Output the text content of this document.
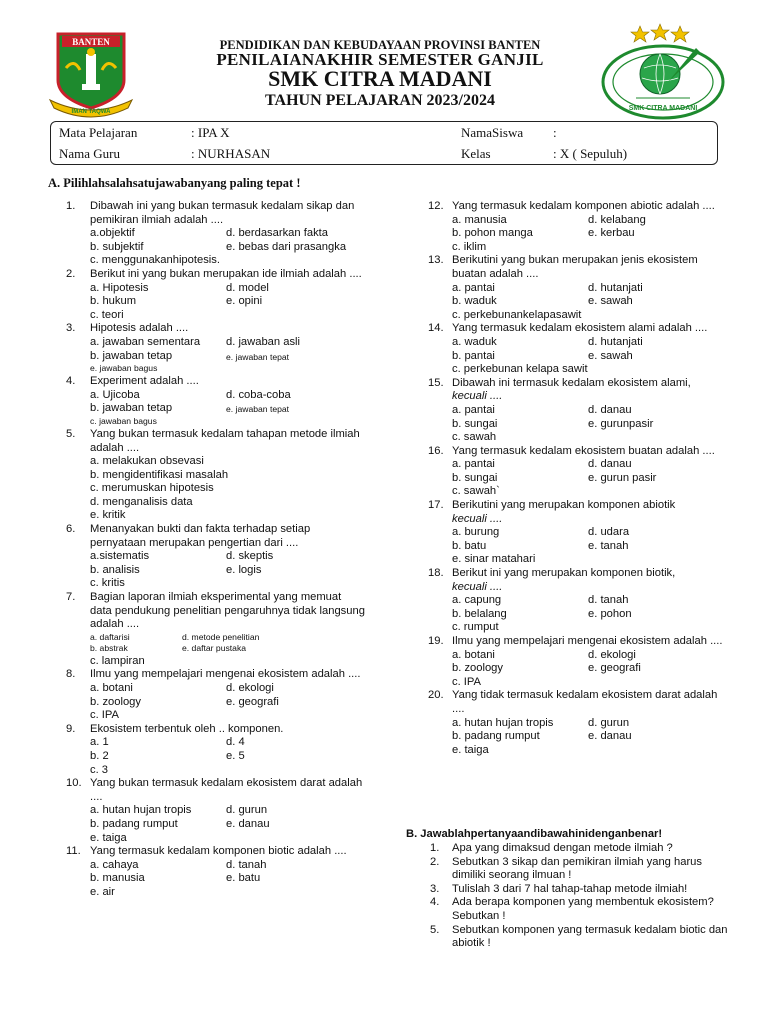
BANTEN
IMAN TAQWA
PENDIDIKAN DAN KEBUDAYAAN PROVINSI BANTEN
PENILAIANAKHIR SEMESTER GANJIL
SMK CITRA MADANI
TAHUN PELAJARAN 2023/2024	SMK CITRA MADANI
Mata Pelajaran	: IPA X
Nama Guru	: NURHASAN
NamaSiswa :
Kelas	: X ( Sepuluh)
A. Pilihlahsalahsatujawabanyang paling tepat !
1. Dibawah ini yang bukan termasuk kedalam sikap dan pemikiran ilmiah adalah ....
a.objektif	d. berdasarkan fakta
b. subjektif	e. bebas dari prasangka
c. menggunakanhipotesis.
2. Berikut ini yang bukan merupakan ide ilmiah adalah ....
a. Hipotesis	d. model
b. hukum	e. opini
c. teori
3. Hipotesis adalah ....
a. jawaban sementara d. jawaban asli
b. jawaban tetap	e. jawaban tepat
e. jawaban bagus
4. Experiment adalah ....
a. Ujicoba	d. coba-coba
b. jawaban tetap	e. jawaban tepat
c. jawaban bagus
5. Yang bukan termasuk kedalam tahapan metode ilmiah adalah ....
a. melakukan obsevasi
b. mengidentifikasi masalah
c. merumuskan hipotesis
d. menganalisis data
e. kritik
6. Menanyakan bukti dan fakta terhadap setiap pernyataan merupakan pengertian dari ....
a.sistematis	d. skeptis
b. analisis	e. logis
c. kritis
7. Bagian laporan ilmiah eksperimental yang memuat data pendukung penelitian pengaruhnya tidak langsung adalah ....
a. daftarisi	d. metode penelitian
b. abstrak	e. daftar pustaka
c. lampiran
8. Ilmu yang mempelajari mengenai ekosistem adalah ....
a. botani	d. ekologi
b. zoology	e. geografi
c. IPA
9. Ekosistem terbentuk oleh .. komponen.
a. 1	d. 4
b. 2	e. 5
c. 3
10. Yang bukan termasuk kedalam ekosistem darat adalah ....
a. hutan hujan tropis	d. gurun
b. padang rumput	e. danau
e. taiga
11. Yang termasuk kedalam komponen biotic adalah ....
a. cahaya	d. tanah
b. manusia	e. batu
e. air
12. Yang termasuk kedalam komponen abiotic adalah ....
a. manusia	d. kelabang
b. pohon manga	e. kerbau
c. iklim
13. Berikutini yang bukan merupakan jenis ekosistem buatan adalah ....
a. pantai	d. hutanjati
b. waduk	e. sawah
c. perkebunankelapasawit
14. Yang termasuk kedalam ekosistem alami adalah ....
a. waduk	d. hutanjati
b. pantai	e. sawah
c. perkebunan kelapa sawit
15. Dibawah ini termasuk kedalam ekosistem alami,
kecuali ....
a. pantai	d. danau
b. sungai	e. gurunpasir
c. sawah
16. Yang termasuk kedalam ekosistem buatan adalah ....
a. pantai	d. danau
b. sungai	e. gurun pasir
c. sawah`
17. Berikutini yang merupakan komponen abiotik
kecuali ....
a. burung	d. udara
b. batu	e. tanah
e. sinar matahari
18. Berikut ini yang merupakan komponen biotik,
kecuali ....
a. capung	d. tanah
b. belalang	e. pohon
c. rumput
19. Ilmu yang mempelajari mengenai ekosistem adalah ....
a. botani	d. ekologi
b. zoology	e. geografi
c. IPA
20. Yang tidak termasuk kedalam ekosistem darat adalah ....
a. hutan hujan tropis	d. gurun
b. padang rumput	e. danau
e. taiga
B. Jawablahpertanyaandibawahinidenganbenar!
1. Apa yang dimaksud dengan metode ilmiah ?
2. Sebutkan 3 sikap dan pemikiran ilmiah yang harus dimiliki seorang ilmuan !
3. Tulislah 3 dari 7 hal tahap-tahap metode ilmiah!
4. Ada berapa komponen yang membentuk ekosistem? Sebutkan !
5. Sebutkan komponen yang termasuk kedalam biotic dan abiotik !
